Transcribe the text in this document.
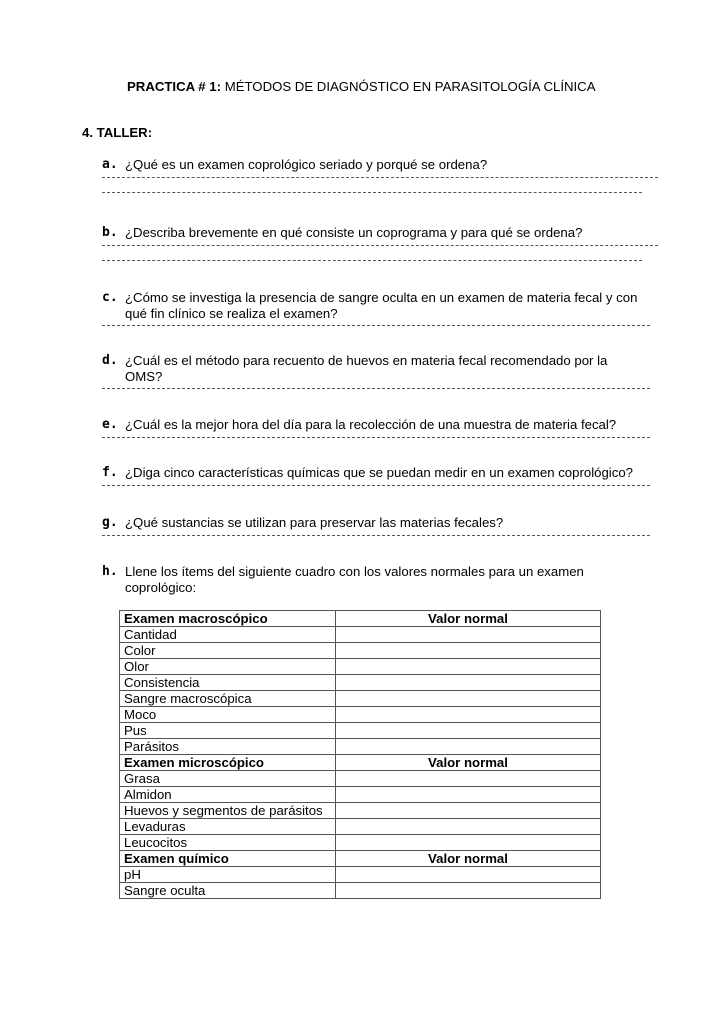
PRACTICA # 1: MÉTODOS DE DIAGNÓSTICO EN PARASITOLOGÍA CLÍNICA
4. TALLER:
a. ¿Qué es un examen coprológico seriado y porqué se ordena?
b. ¿Describa brevemente en qué consiste un coprograma y para qué se ordena?
c. ¿Cómo se investiga la presencia de sangre oculta en un examen de materia fecal y con qué fin clínico se realiza el examen?
d. ¿Cuál es el método para recuento de huevos en materia fecal recomendado por la OMS?
e. ¿Cuál es la mejor hora del día para la recolección de una muestra de materia fecal?
f. ¿Diga cinco características químicas que se puedan medir en un examen coprológico?
g. ¿Qué sustancias se utilizan para preservar las materias fecales?
h. Llene los ítems del siguiente cuadro con los valores normales para un examen coprológico:
Examen macroscópico	Valor normal
Cantidad	
Color	
Olor	
Consistencia	
Sangre macroscópica	
Moco	
Pus	
Parásitos	
Examen microscópico	Valor normal
Grasa	
Almidon	
Huevos y segmentos de parásitos	
Levaduras	
Leucocitos	
Examen químico	Valor normal
pH	
Sangre oculta	
